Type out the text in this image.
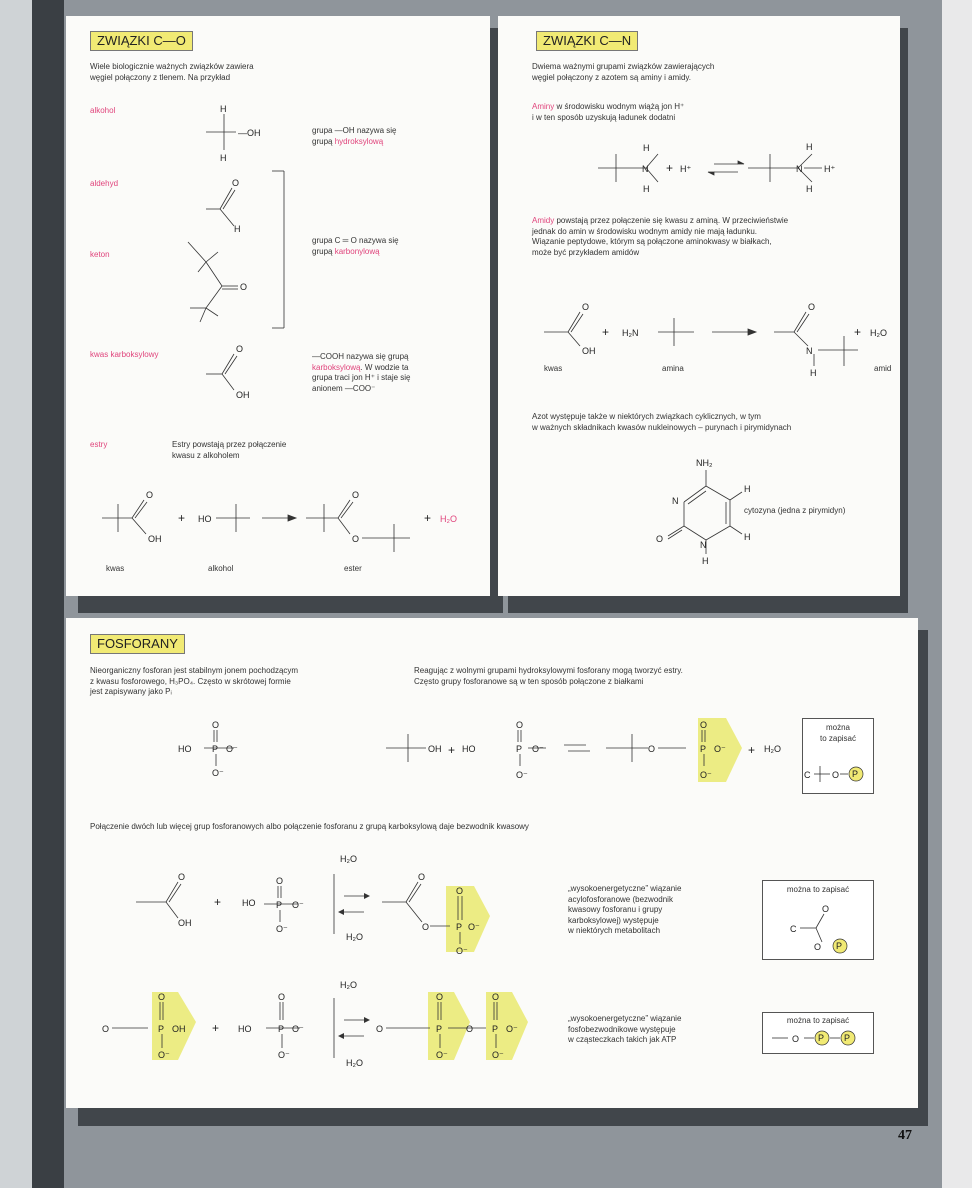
ZWIĄZKI C—O
Wiele biologicznie ważnych związków zawiera
węgiel połączony z tlenem. Na przykład
alkohol
grupa —OH nazywa się
grupą hydroksylową
aldehyd
keton
grupa C ═ O nazywa się
grupą karbonylową
kwas karboksylowy	—COOH nazywa się grupą
karboksylową. W wodzie ta
grupa traci jon H⁺ i staje się
anionem —COO⁻
estry	Estry powstają przez połączenie
kwasu z alkoholem
kwas	alkohol	ester
H
—OH
H
O
H
O
O
OH
O
OH
+ HO
O
O
+ H₂O
ZWIĄZKI C—N
Dwiema ważnymi grupami związków zawierających
węgiel połączony z azotem są aminy i amidy.
Aminy w środowisku wodnym wiążą jon H⁺
i w ten sposób uzyskują ładunek dodatni
Amidy powstają przez połączenie się kwasu z aminą. W przeciwieństwie
jednak do amin w środowisku wodnym amidy nie mają ładunku.
Wiązanie peptydowe, którym są połączone aminokwasy w białkach,
może być przykładem amidów
kwas	amina	amid
Azot występuje także w niektórych związkach cyklicznych, w tym
w ważnych składnikach kwasów nukleinowych – purynach i pirymidynach
cytozyna (jedna z pirymidyn)
H
N
H
+ H⁺
H
N H⁺
H
O
OH
+ H₂N
O
N
H
+ H₂O
NH₂
H
H
N
N
O
H
FOSFORANY
Nieorganiczny fosforan jest stabilnym jonem pochodzącym
z kwasu fosforowego, H₃PO₄. Często w skrótowej formie
jest zapisywany jako Pᵢ
Reagując z wolnymi grupami hydroksylowymi fosforany mogą tworzyć estry.
Często grupy fosforanowe są w ten sposób połączone z białkami
Połączenie dwóch lub więcej grup fosforanowych albo połączenie fosforanu z grupą karboksylową daje bezwodnik kwasowy
„wysokoenergetyczne” wiązanie
acylofosforanowe (bezwodnik
kwasowy fosforanu i grupy
karboksylowej) występuje
w niektórych metabolitach
„wysokoenergetyczne” wiązanie
fosfobezwodnikowe występuje
w cząsteczkach takich jak ATP
można
to zapisać
można to zapisać
można to zapisać
HO P
O
O⁻
O⁻
OH + HO	P
O
O⁻
O⁻
O	P
O
O⁻
O⁻
+ H₂O
C O P
O
OH
+ HO
O
P O⁻
O⁻
H₂O
H₂O
O
O
O
P O⁻
O⁻
O
C
O P
O
O
P OH
O⁻
+ HO
O
P O⁻
O⁻
H₂O
H₂O
O
O
P	O
O
P O⁻
O⁻	O⁻
O P P
47
